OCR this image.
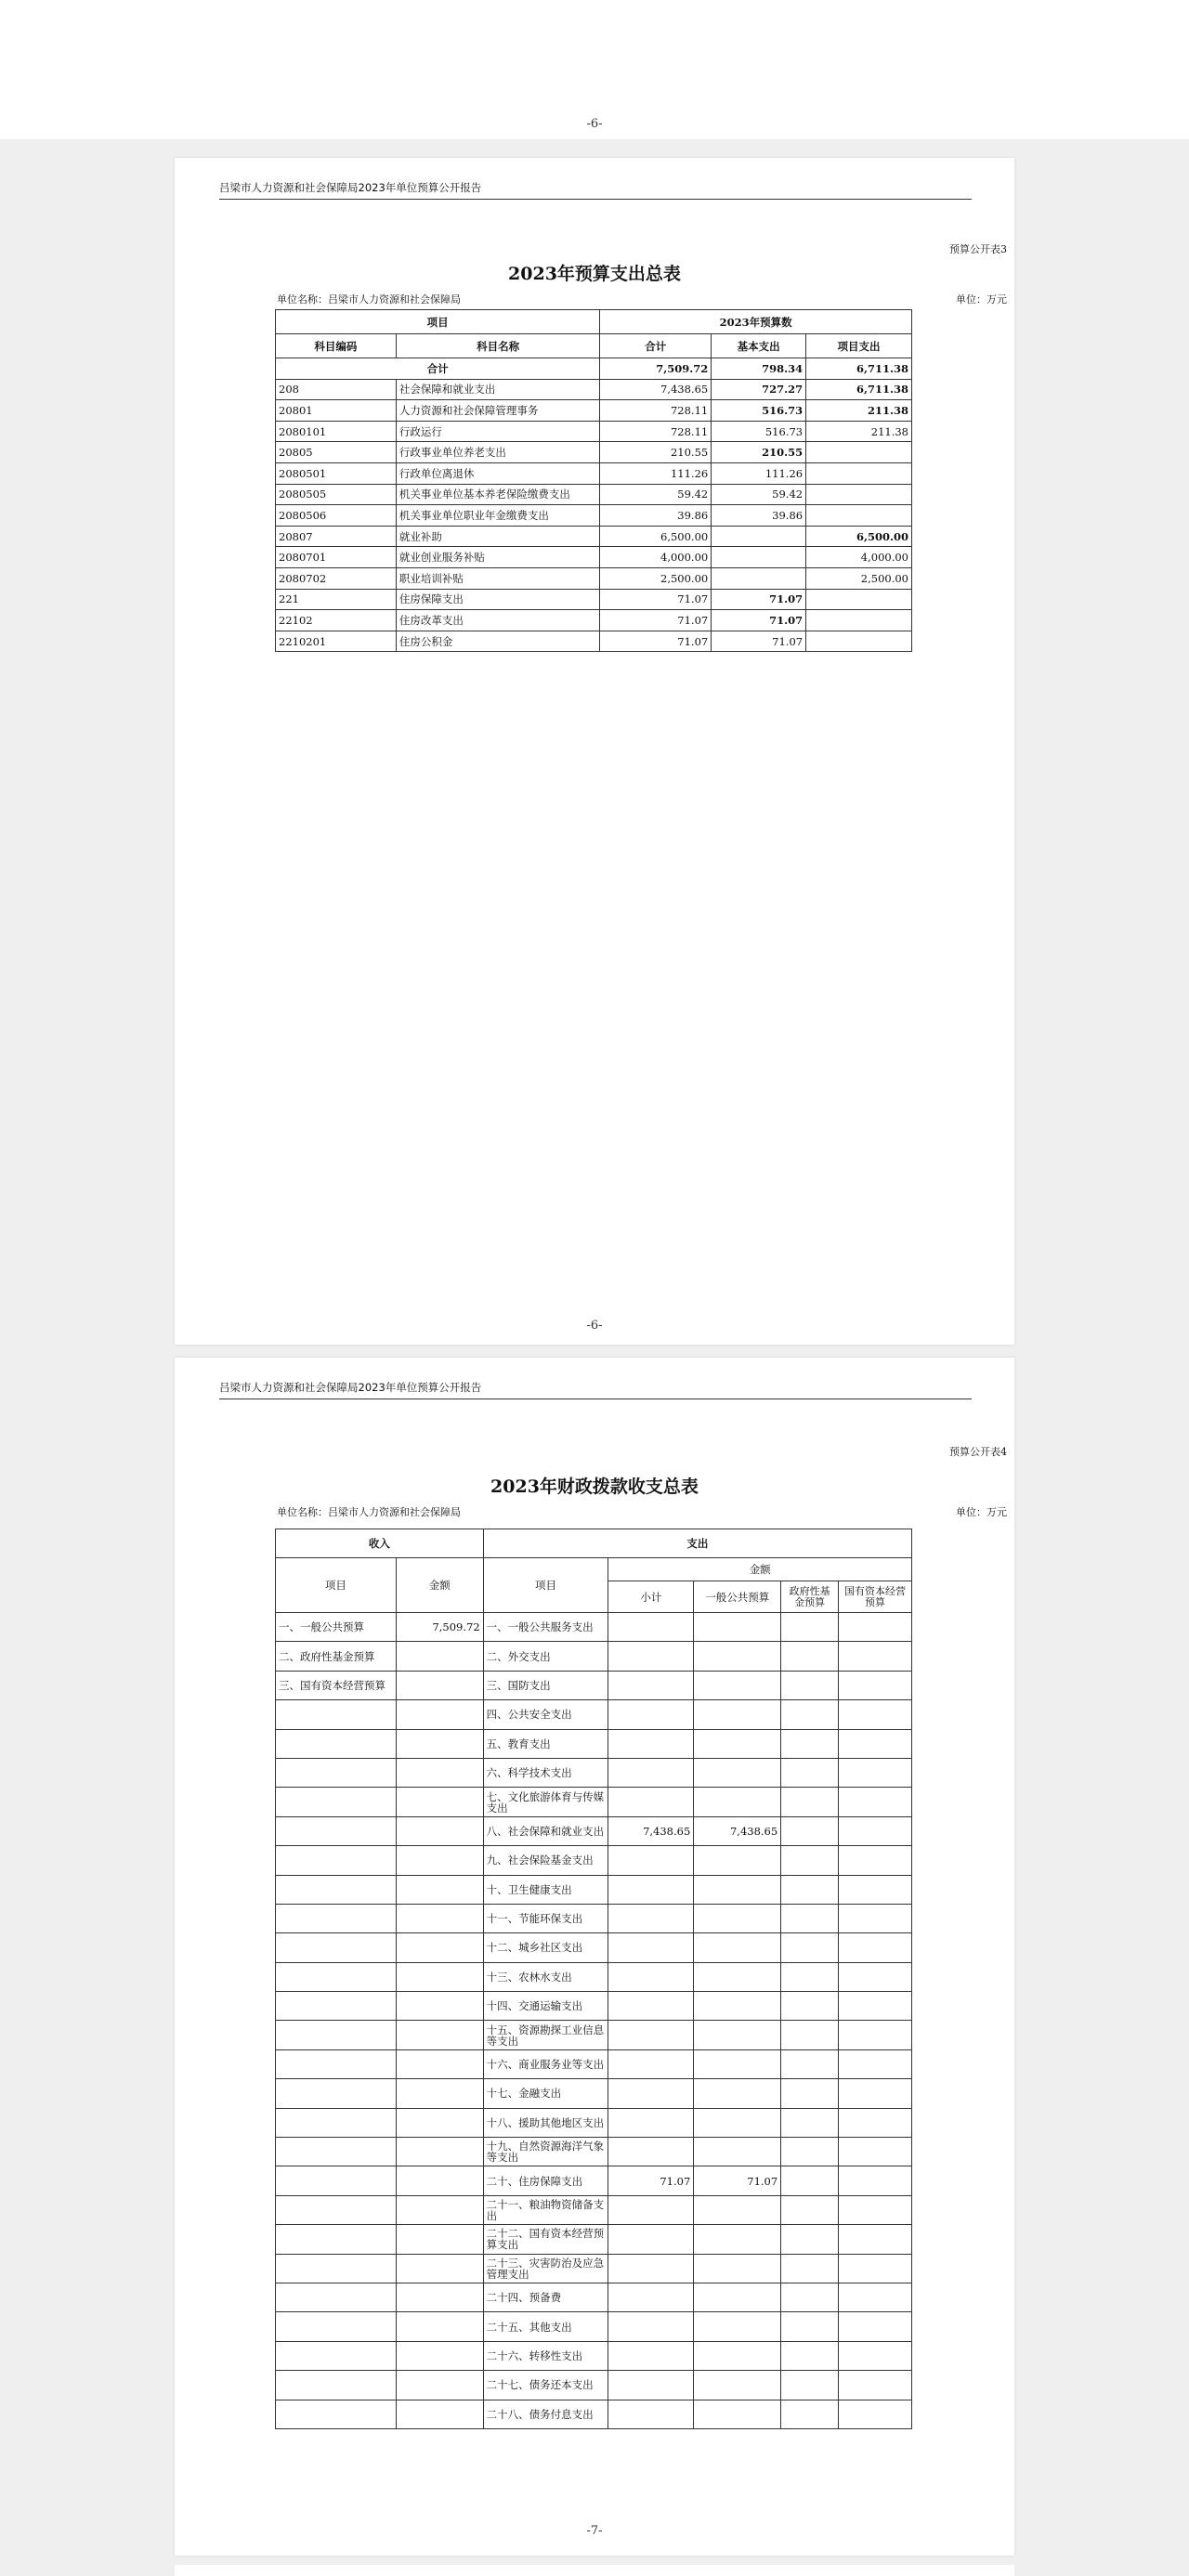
-6-
吕梁市人力资源和社会保障局2023年单位预算公开报告
预算公开表3
2023年预算支出总表
单位名称：吕梁市人力资源和社会保障局	单位：万元
项目		2023年预算数		
科目编码	科目名称	合计	基本支出	项目支出
合计		7,509.72	798.34	6,711.38
208	社会保障和就业支出	7,438.65	727.27	6,711.38
20801	人力资源和社会保障管理事务	728.11	516.73	211.38
2080101	行政运行	728.11	516.73	211.38
20805	行政事业单位养老支出	210.55	210.55	
2080501	行政单位离退休	111.26	111.26	
2080505	机关事业单位基本养老保险缴费支出	59.42	59.42	
2080506	机关事业单位职业年金缴费支出	39.86	39.86	
20807	就业补助	6,500.00		6,500.00
2080701	就业创业服务补贴	4,000.00		4,000.00
2080702	职业培训补贴	2,500.00		2,500.00
221	住房保障支出	71.07	71.07	
22102	住房改革支出	71.07	71.07	
2210201	住房公积金	71.07	71.07	
-6-
吕梁市人力资源和社会保障局2023年单位预算公开报告
预算公开表4
2023年财政拨款收支总表
单位名称：吕梁市人力资源和社会保障局	单位：万元
收入		支出				
项目	金额	项目	金额			
			小计	一般公共预算	政府性基金预算	国有资本经营预算
一、一般公共预算	7,509.72	一、一般公共服务支出				
二、政府性基金预算		二、外交支出				
三、国有资本经营预算		三、国防支出				
		四、公共安全支出				
		五、教育支出				
		六、科学技术支出				
		七、文化旅游体育与传媒支出				
		八、社会保障和就业支出	7,438.65	7,438.65		
		九、社会保险基金支出				
		十、卫生健康支出				
		十一、节能环保支出				
		十二、城乡社区支出				
		十三、农林水支出				
		十四、交通运输支出				
		十五、资源勘探工业信息等支出				
		十六、商业服务业等支出				
		十七、金融支出				
		十八、援助其他地区支出				
		十九、自然资源海洋气象等支出				
		二十、住房保障支出	71.07	71.07		
		二十一、粮油物资储备支出				
		二十二、国有资本经营预算支出				
		二十三、灾害防治及应急管理支出				
		二十四、预备费				
		二十五、其他支出				
		二十六、转移性支出				
		二十七、债务还本支出				
		二十八、债务付息支出				
-7-
